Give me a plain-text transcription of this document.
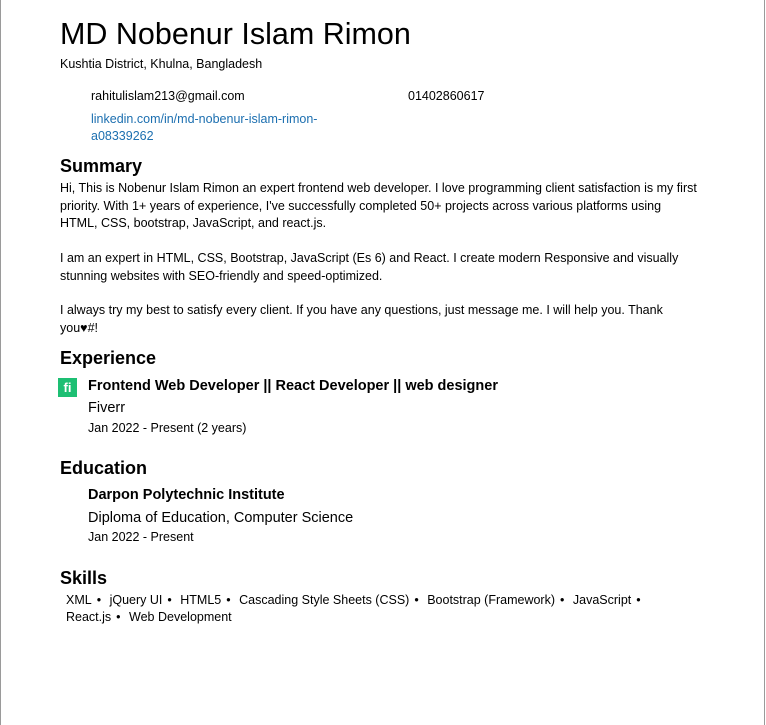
MD Nobenur Islam Rimon
Kushtia District, Khulna, Bangladesh
rahitulislam213@gmail.com	01402860617
linkedin.com/in/md-nobenur-islam-rimon-a08339262
Summary
Hi, This is Nobenur Islam Rimon an expert frontend web developer. I love programming client satisfaction is my first priority. With 1+ years of experience, I've successfully completed 50+ projects across various platforms using HTML, CSS, bootstrap, JavaScript, and react.js.
I am an expert in HTML, CSS, Bootstrap, JavaScript (Es 6) and React. I create modern Responsive and visually stunning websites with SEO-friendly and speed-optimized.
I always try my best to satisfy every client. If you have any questions, just message me. I will help you. Thank you♥#!
Experience
fi	Frontend Web Developer || React Developer || web designer
Fiverr
Jan 2022 - Present (2 years)
Education
Darpon Polytechnic Institute
Diploma of Education, Computer Science
Jan 2022 - Present
Skills
XML • jQuery UI • HTML5 • Cascading Style Sheets (CSS) • Bootstrap (Framework) • JavaScript • React.js • Web Development
